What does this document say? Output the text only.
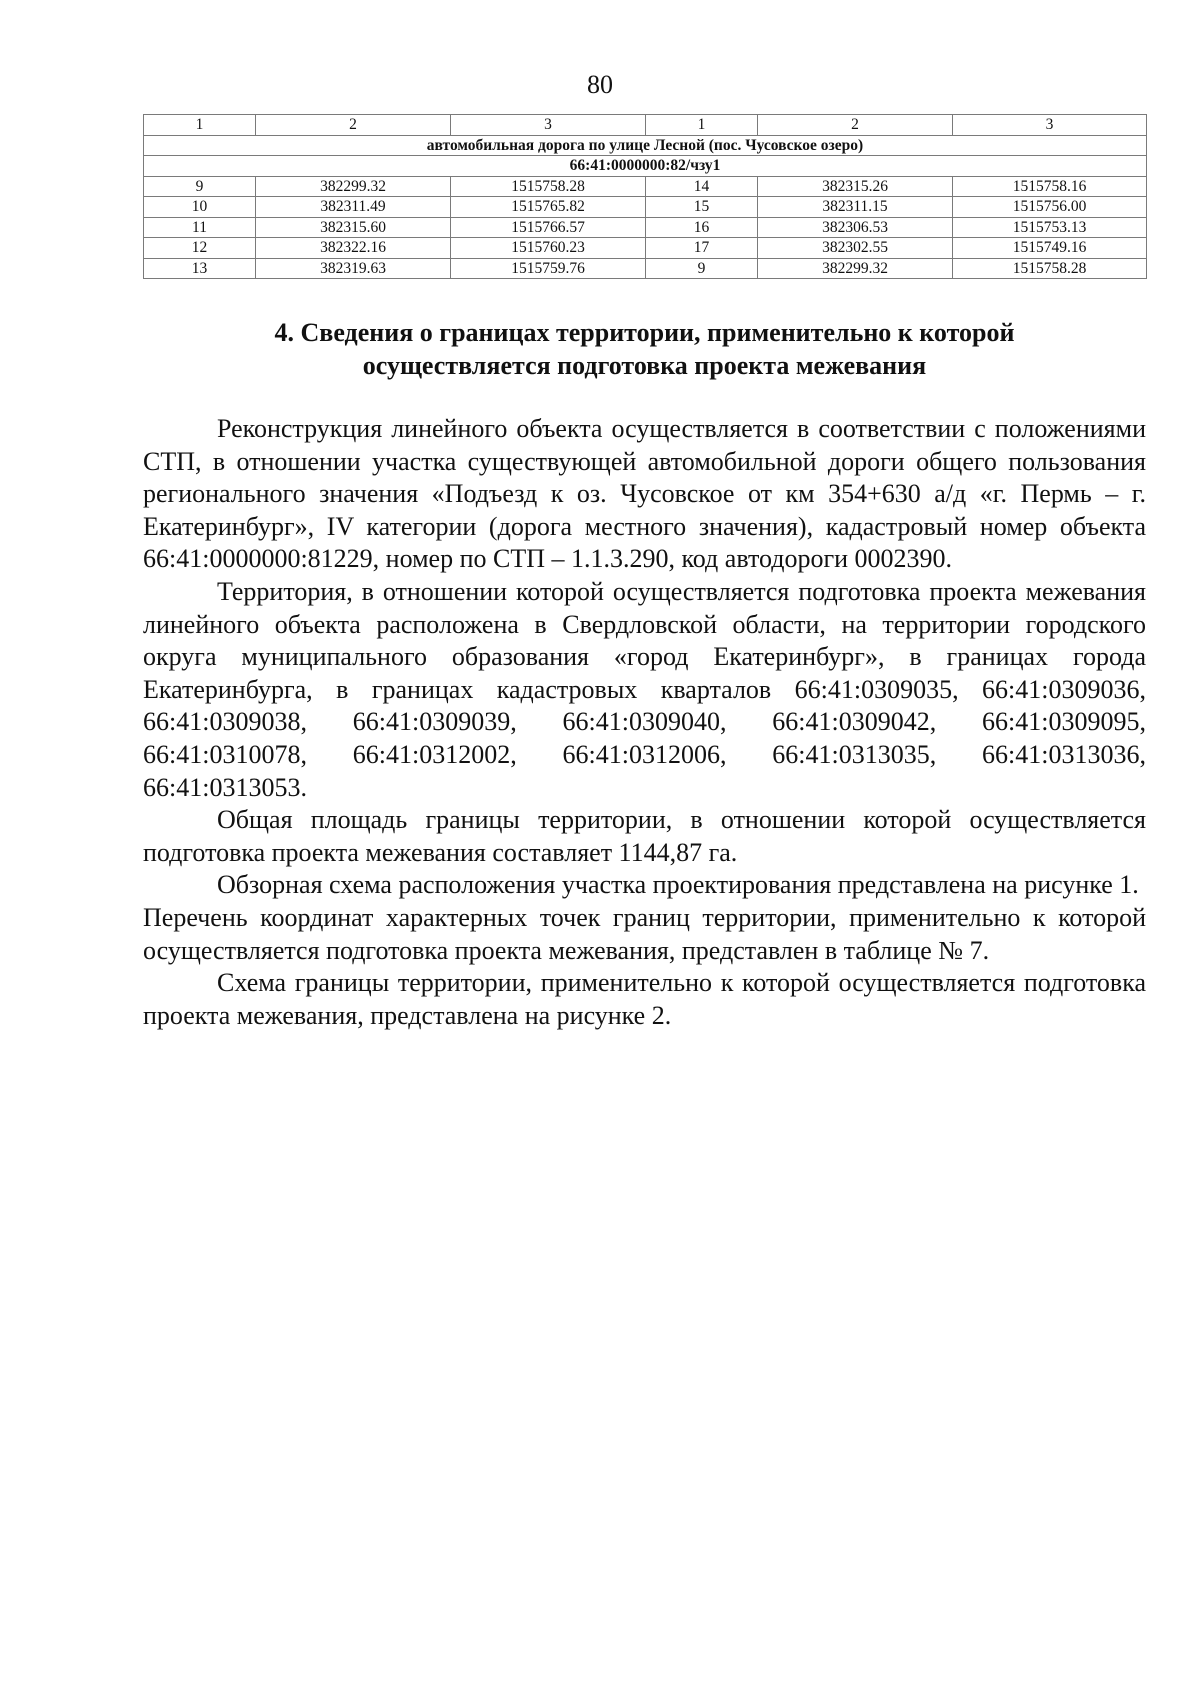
80
1	2	3	1	2	3
автомобильная дорога по улице Лесной (пос. Чусовское озеро)					
66:41:0000000:82/чзу1					
9	382299.32	1515758.28	14	382315.26	1515758.16
10	382311.49	1515765.82	15	382311.15	1515756.00
11	382315.60	1515766.57	16	382306.53	1515753.13
12	382322.16	1515760.23	17	382302.55	1515749.16
13	382319.63	1515759.76	9	382299.32	1515758.28
4. Сведения о границах территории, применительно к которой
осуществляется подготовка проекта межевания

Реконструкция линейного объекта осуществляется в соответствии с положениями СТП, в отношении участка существующей автомобильной дороги общего пользования регионального значения «Подъезд к оз. Чусовское от км 354+630 а/д «г. Пермь – г. Екатеринбург», IV категории (дорога местного значения), кадастровый номер объекта 66:41:0000000:81229, номер по СТП – 1.1.3.290, код автодороги 0002390.

Территория, в отношении которой осуществляется подготовка проекта межевания линейного объекта расположена в Свердловской области, на территории городского округа муниципального образования «город Екатеринбург», в границах города Екатеринбурга, в границах кадастровых кварталов 66:41:0309035, 66:41:0309036, 66:41:0309038, 66:41:0309039, 66:41:0309040, 66:41:0309042, 66:41:0309095, 66:41:0310078, 66:41:0312002, 66:41:0312006, 66:41:0313035, 66:41:0313036, 66:41:0313053.

Общая площадь границы территории, в отношении которой осуществляется подготовка проекта межевания составляет 1144,87 га.

Обзорная схема расположения участка проектирования представлена на рисунке 1.

Перечень координат характерных точек границ территории, применительно к которой осуществляется подготовка проекта межевания, представлен в таблице № 7.

Схема границы территории, применительно к которой осуществляется подготовка проекта межевания, представлена на рисунке 2.
